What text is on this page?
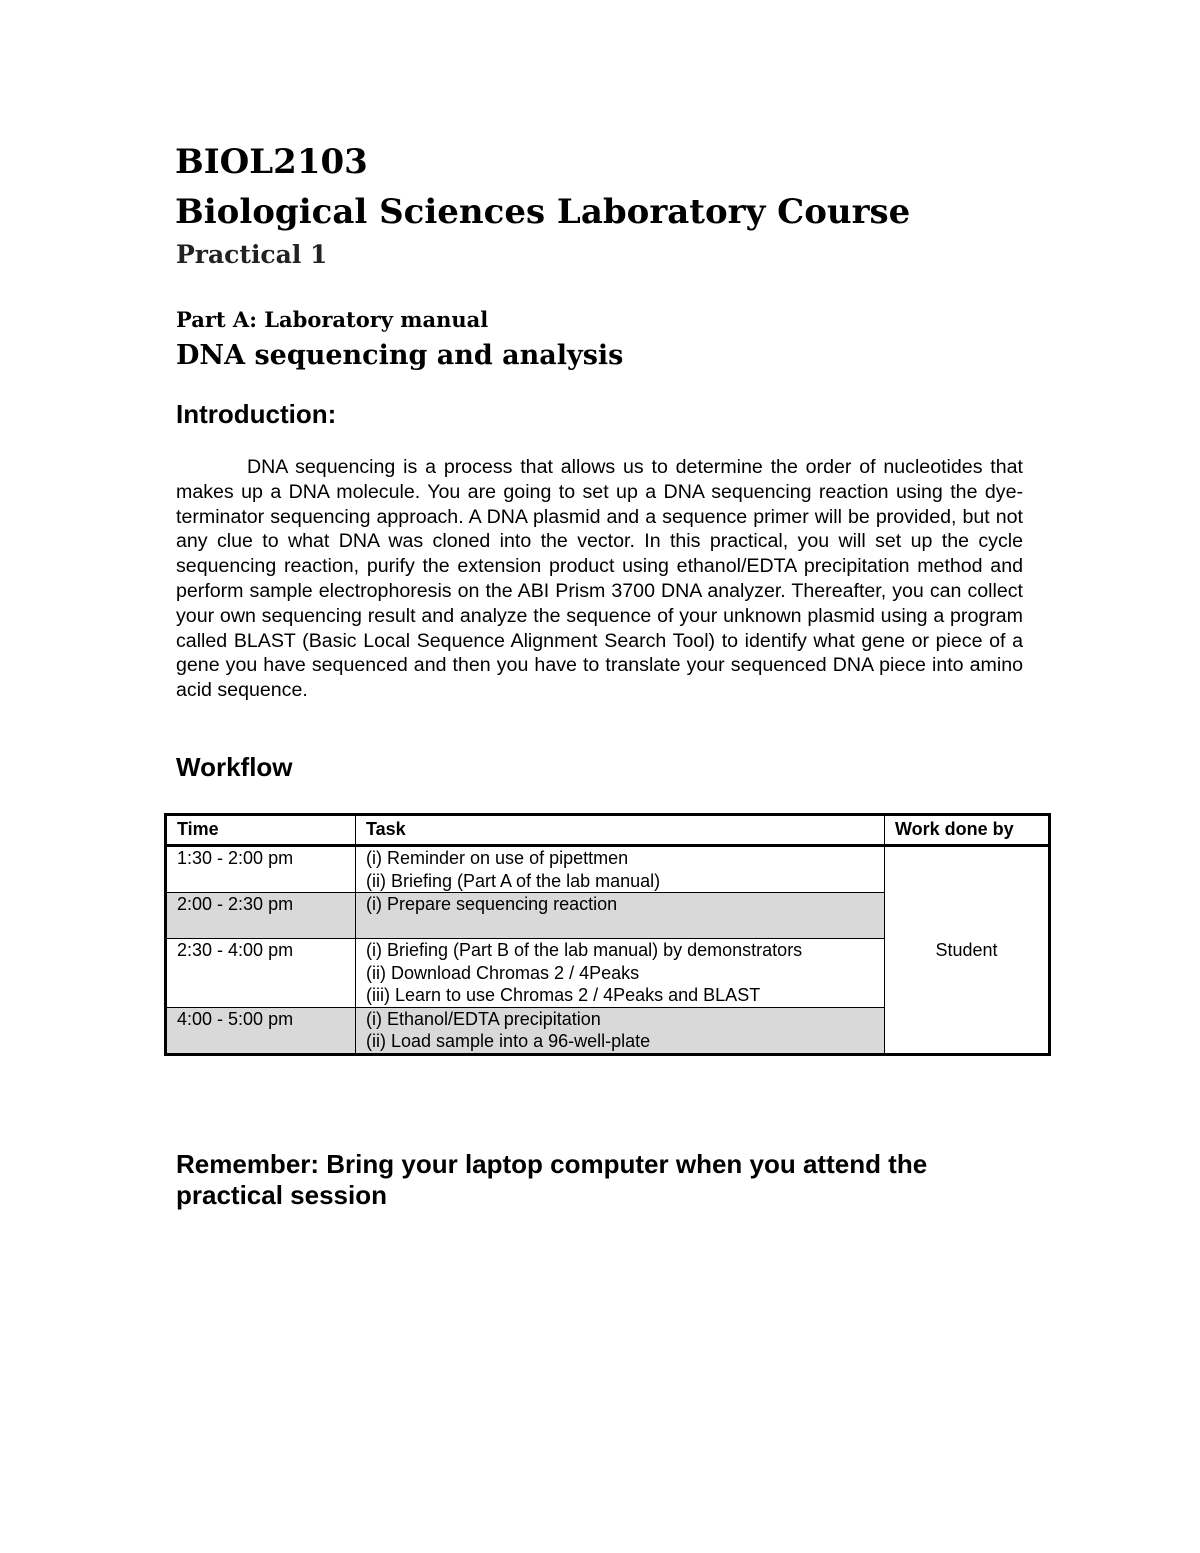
BIOL2103
Biological Sciences Laboratory Course
Practical 1
Part A: Laboratory manual
DNA sequencing and analysis
Introduction:

DNA sequencing is a process that allows us to determine the order of nucleotides that makes up a DNA molecule. You are going to set up a DNA sequencing reaction using the dye-terminator sequencing approach. A DNA plasmid and a sequence primer will be provided, but not any clue to what DNA was cloned into the vector. In this practical, you will set up the cycle sequencing reaction, purify the extension product using ethanol/EDTA precipitation method and perform sample electrophoresis on the ABI Prism 3700 DNA analyzer. Thereafter, you can collect your own sequencing result and analyze the sequence of your unknown plasmid using a program called BLAST (Basic Local Sequence Alignment Search Tool) to identify what gene or piece of a gene you have sequenced and then you have to translate your sequenced DNA piece into amino acid sequence.

Workflow
Time	Task	Work done by
1:30 - 2:00 pm	(i) Reminder on use of pipettmen
(ii) Briefing (Part A of the lab manual)	Student
2:00 - 2:30 pm	(i) Prepare sequencing reaction	

2:30 - 4:00 pm	(i) Briefing (Part B of the lab manual) by demonstrators
(ii) Download Chromas 2 / 4Peaks
(iii) Learn to use Chromas 2 / 4Peaks and BLAST	

4:00 - 5:00 pm	(i) Ethanol/EDTA precipitation
(ii) Load sample into a 96-well-plate	

Remember: Bring your laptop computer when you attend the practical session
